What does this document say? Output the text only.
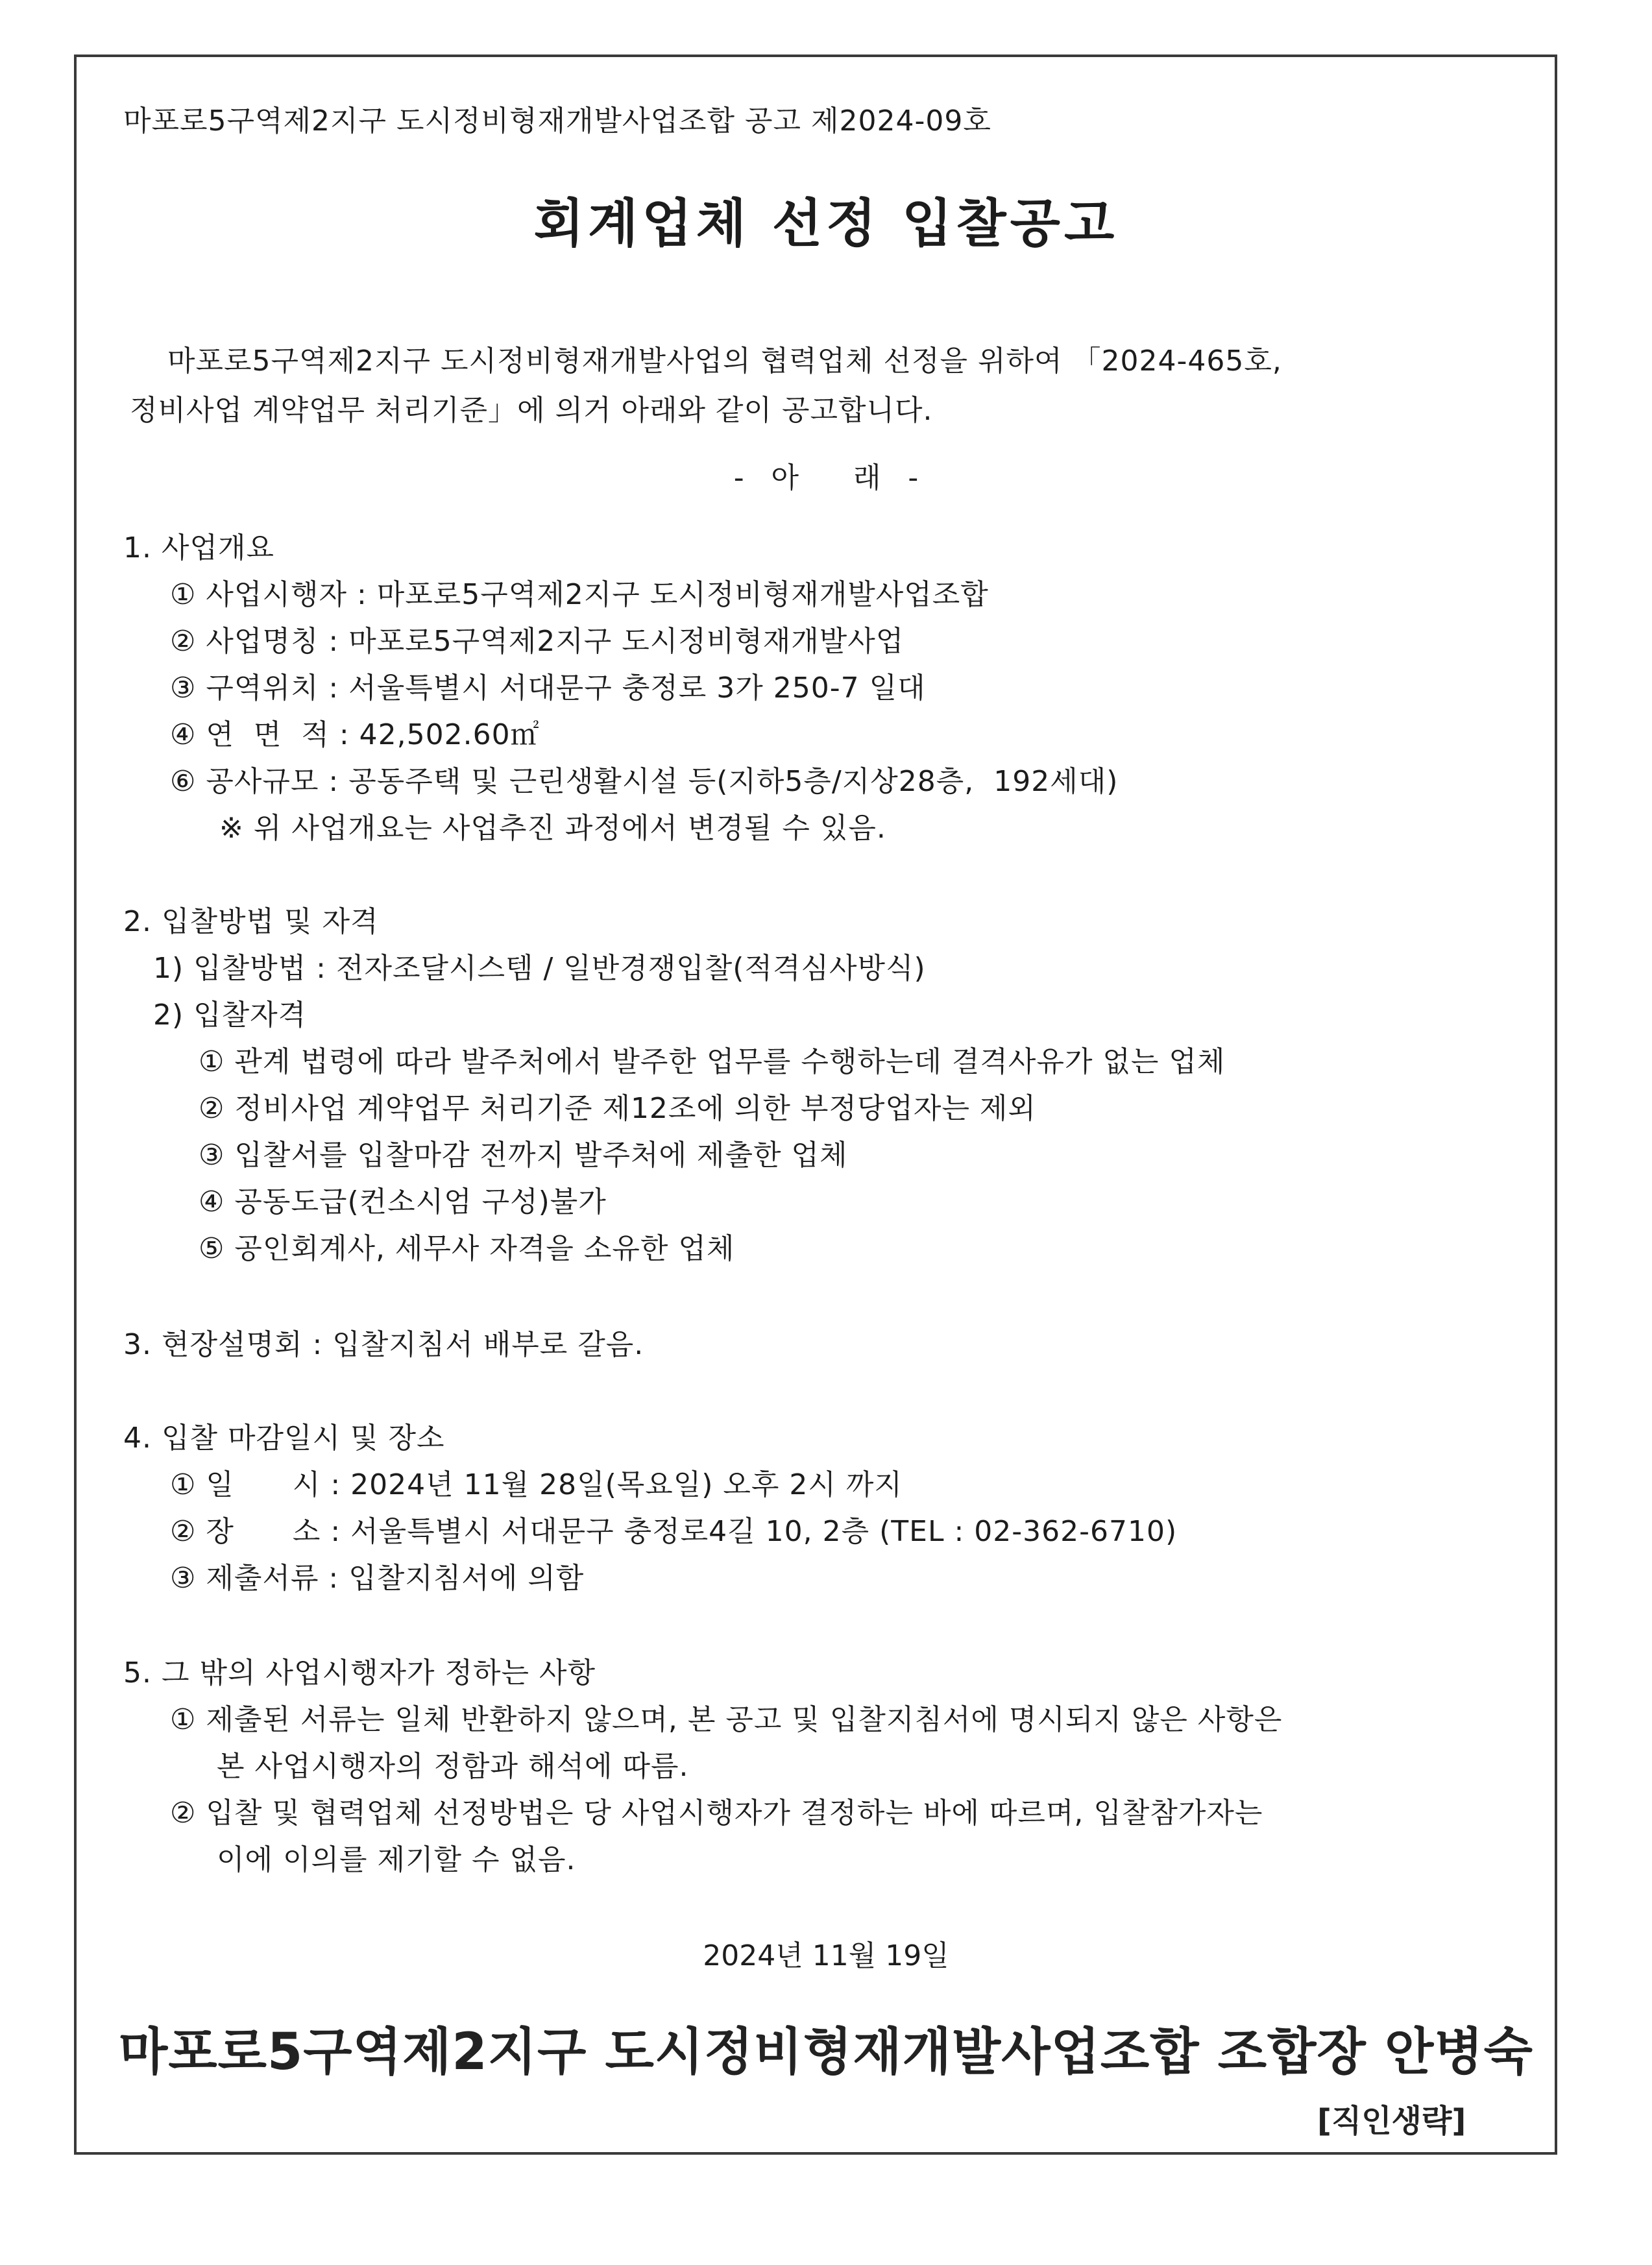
마포로5구역제2지구 도시정비형재개발사업조합 공고 제2024-09호
회계업체 선정 입찰공고
마포로5구역제2지구 도시정비형재개발사업의 협력업체 선정을 위하여 「2024-465호,
정비사업 계약업무 처리기준」에 의거 아래와 같이 공고합니다.
-   아      래   -
1. 사업개요
① 사업시행자 : 마포로5구역제2지구 도시정비형재개발사업조합
② 사업명칭 : 마포로5구역제2지구 도시정비형재개발사업
③ 구역위치 : 서울특별시 서대문구 충정로 3가 250-7 일대
④ 연  면  적 : 42,502.60㎡
⑥ 공사규모 : 공동주택 및 근린생활시설 등(지하5층/지상28층,  192세대)
※ 위 사업개요는 사업추진 과정에서 변경될 수 있음.
2. 입찰방법 및 자격
1) 입찰방법 : 전자조달시스템 / 일반경쟁입찰(적격심사방식)
2) 입찰자격
① 관계 법령에 따라 발주처에서 발주한 업무를 수행하는데 결격사유가 없는 업체
② 정비사업 계약업무 처리기준 제12조에 의한 부정당업자는 제외
③ 입찰서를 입찰마감 전까지 발주처에 제출한 업체
④ 공동도급(컨소시엄 구성)불가
⑤ 공인회계사, 세무사 자격을 소유한 업체
3. 현장설명회 : 입찰지침서 배부로 갈음.
4. 입찰 마감일시 및 장소
① 일      시 : 2024년 11월 28일(목요일) 오후 2시 까지
② 장      소 : 서울특별시 서대문구 충정로4길 10, 2층 (TEL : 02-362-6710)
③ 제출서류 : 입찰지침서에 의함
5. 그 밖의 사업시행자가 정하는 사항
① 제출된 서류는 일체 반환하지 않으며, 본 공고 및 입찰지침서에 명시되지 않은 사항은
본 사업시행자의 정함과 해석에 따름.
② 입찰 및 협력업체 선정방법은 당 사업시행자가 결정하는 바에 따르며, 입찰참가자는
이에 이의를 제기할 수 없음.
2024년 11월 19일
마포로5구역제2지구 도시정비형재개발사업조합 조합장 안병숙
[직인생략]
